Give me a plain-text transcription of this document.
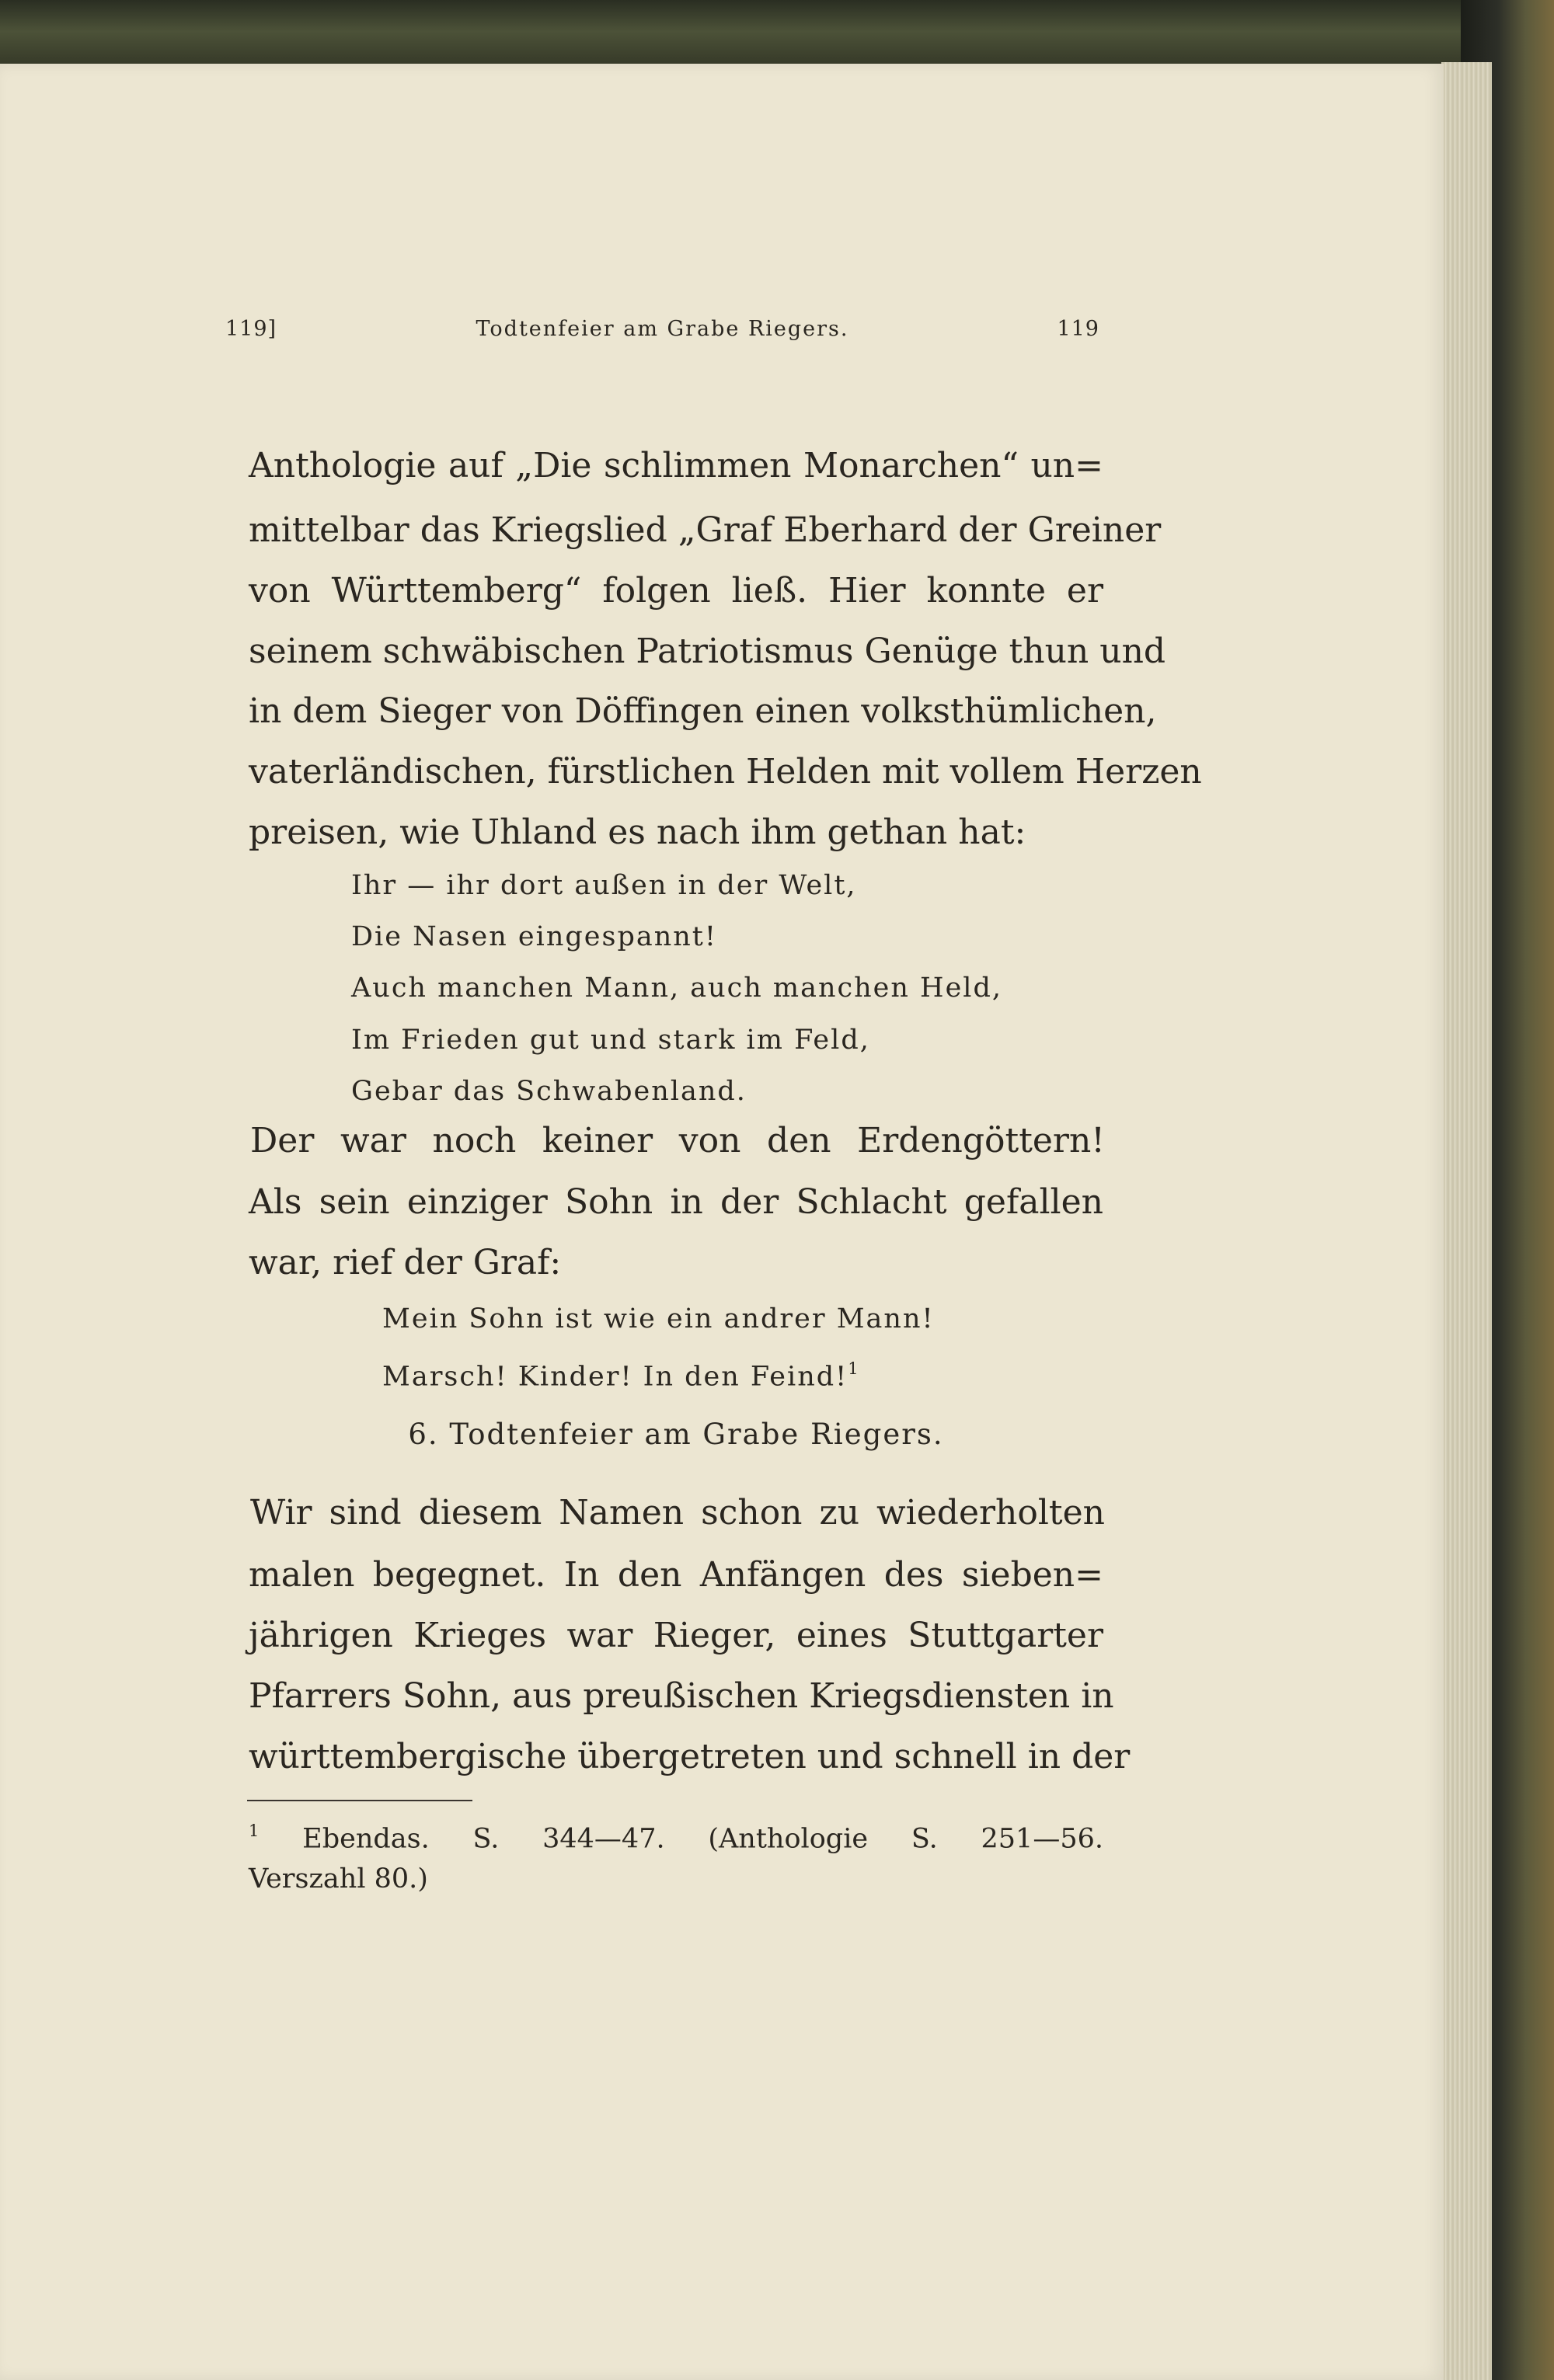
119]	Todtenfeier am Grabe Riegers.	119
Anthologie auf „Die schlimmen Monarchen“ un=
mittelbar das Kriegslied „Graf Eberhard der Greiner
von Württemberg“ folgen ließ. Hier konnte er
seinem schwäbischen Patriotismus Genüge thun und
in dem Sieger von Döffingen einen volksthümlichen,
vaterländischen, fürstlichen Helden mit vollem Herzen
preisen, wie Uhland es nach ihm gethan hat:
Ihr — ihr dort außen in der Welt,
Die Nasen eingespannt!
Auch manchen Mann, auch manchen Held,
Im Frieden gut und stark im Feld,
Gebar das Schwabenland.
Der war noch keiner von den Erdengöttern!
Als sein einziger Sohn in der Schlacht gefallen
war, rief der Graf:
Mein Sohn ist wie ein andrer Mann!
Marsch! Kinder! In den Feind!$^1$
6. Todtenfeier am Grabe Riegers.
Wir sind diesem Namen schon zu wiederholten
malen begegnet. In den Anfängen des sieben=
jährigen Krieges war Rieger, eines Stuttgarter
Pfarrers Sohn, aus preußischen Kriegsdiensten in
württembergische übergetreten und schnell in der
$^1$ Ebendas. S. 344—47. (Anthologie S. 251—56.
Verszahl 80.)
